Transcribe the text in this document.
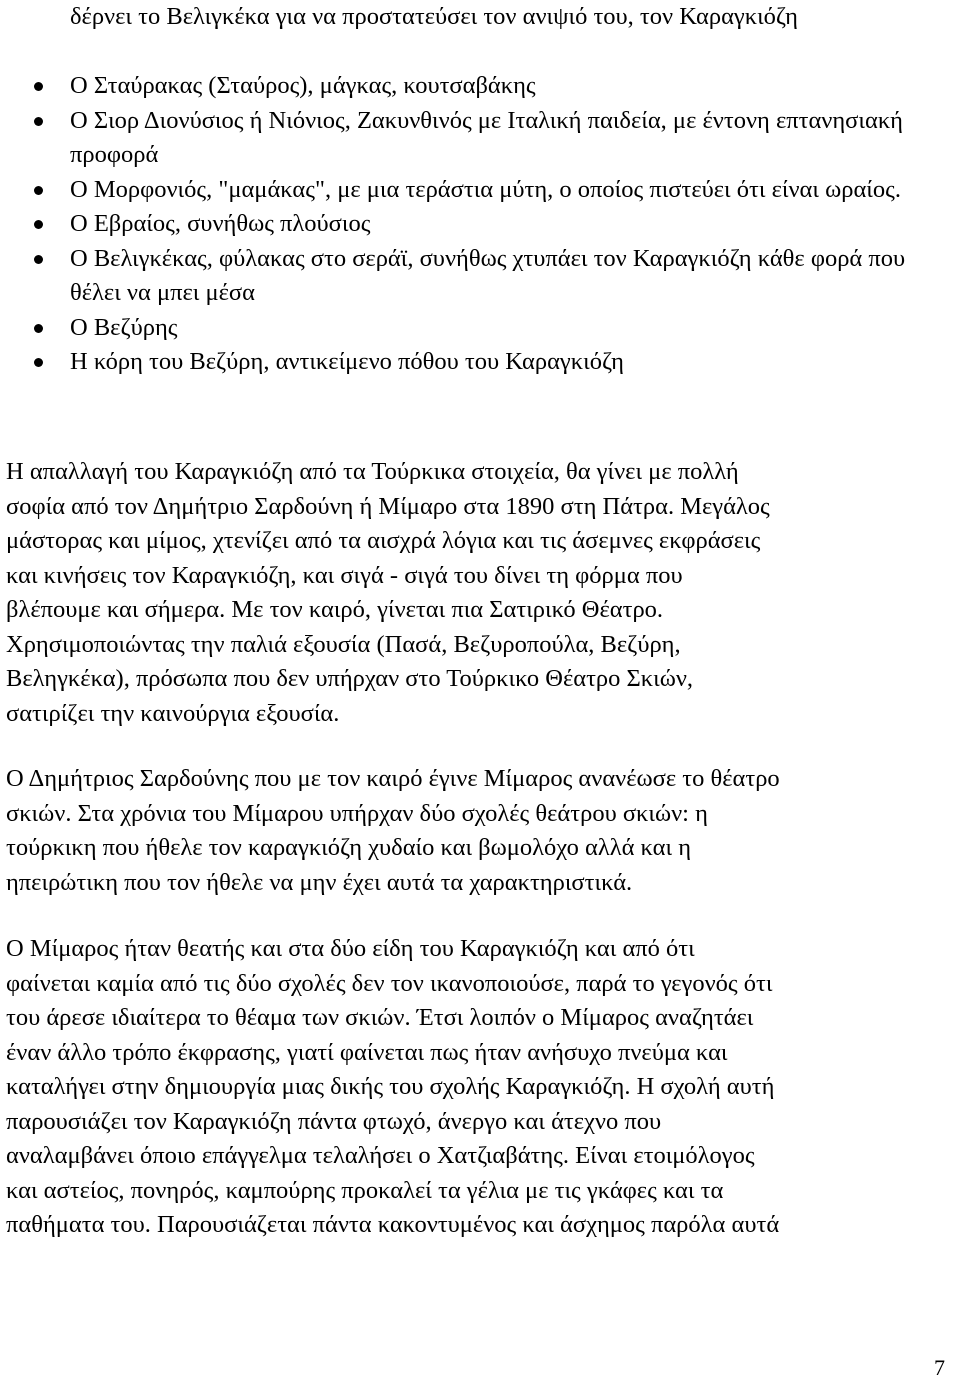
δέρνει το Βελιγκέκα για να προστατεύσει τον ανιψιό του, τον Καραγκιόζη

Ο Σταύρακας (Σταύρος), μάγκας, κουτσαβάκης
Ο Σιορ Διονύσιος ή Νιόνιος, Ζακυνθινός με Ιταλική παιδεία, με έντονη επτανησιακή προφορά
Ο Μορφονιός, "μαμάκας", με μια τεράστια μύτη, ο οποίος πιστεύει ότι είναι ωραίος.
Ο Εβραίος, συνήθως πλούσιος
Ο Βελιγκέκας, φύλακας στο σεράϊ, συνήθως χτυπάει τον Καραγκιόζη κάθε φορά που θέλει να μπει μέσα
Ο Βεζύρης
Η κόρη του Βεζύρη, αντικείμενο πόθου του Καραγκιόζη
Η απαλλαγή του Καραγκιόζη από τα Τούρκικα στοιχεία, θα γίνει με πολλή
σοφία από τον Δημήτριο Σαρδούνη ή Μίμαρο στα 1890 στη Πάτρα. Μεγάλος
μάστορας και μίμος, χτενίζει από τα αισχρά λόγια και τις άσεμνες εκφράσεις
και κινήσεις τον Καραγκιόζη, και σιγά - σιγά του δίνει τη φόρμα που
βλέπουμε και σήμερα. Με τον καιρό, γίνεται πια Σατιρικό Θέατρο.
Χρησιμοποιώντας την παλιά εξουσία (Πασά, Βεζυροπούλα, Βεζύρη,
Βεληγκέκα), πρόσωπα που δεν υπήρχαν στο Τούρκικο Θέατρο Σκιών,
σατιρίζει την καινούργια εξουσία.
Ο Δημήτριος Σαρδούνης που με τον καιρό έγινε Μίμαρος ανανέωσε το θέατρο
σκιών. Στα χρόνια του Μίμαρου υπήρχαν δύο σχολές θεάτρου σκιών: η
τούρκικη που ήθελε τον καραγκιόζη χυδαίο και βωμολόχο αλλά και η
ηπειρώτικη που τον ήθελε να μην έχει αυτά τα χαρακτηριστικά.
Ο Μίμαρος ήταν θεατής και στα δύο είδη του Καραγκιόζη και από ότι
φαίνεται καμία από τις δύο σχολές δεν τον ικανοποιούσε, παρά το γεγονός ότι
του άρεσε ιδιαίτερα το θέαμα των σκιών. Έτσι λοιπόν ο Μίμαρος αναζητάει
έναν άλλο τρόπο έκφρασης, γιατί φαίνεται πως ήταν ανήσυχο πνεύμα και
καταλήγει στην δημιουργία μιας δικής του σχολής Καραγκιόζη. Η σχολή αυτή
παρουσιάζει τον Καραγκιόζη πάντα φτωχό, άνεργο και άτεχνο που
αναλαμβάνει όποιο επάγγελμα τελαλήσει ο Χατζιαβάτης. Είναι ετοιμόλογος
και αστείος, πονηρός, καμπούρης προκαλεί τα γέλια με τις γκάφες και τα
παθήματα του. Παρουσιάζεται πάντα κακοντυμένος και άσχημος παρόλα αυτά
7
